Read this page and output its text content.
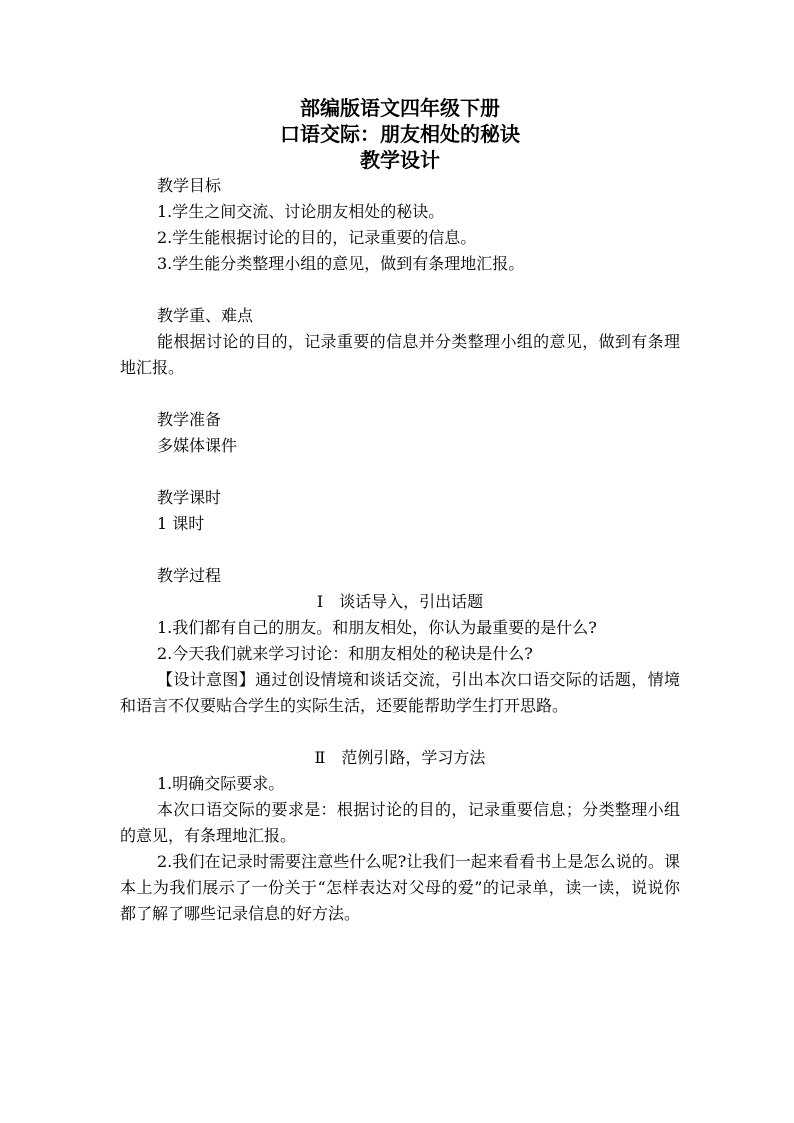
部编版语文四年级下册

口语交际：朋友相处的秘诀

教学设计

教学目标

1.学生之间交流、讨论朋友相处的秘诀。

2.学生能根据讨论的目的，记录重要的信息。

3.学生能分类整理小组的意见，做到有条理地汇报。

教学重、难点

能根据讨论的目的，记录重要的信息并分类整理小组的意见，做到有条理地汇报。

教学准备

多媒体课件

教学课时

1 课时

教学过程

Ⅰ　谈话导入，引出话题

1.我们都有自己的朋友。和朋友相处，你认为最重要的是什么?

2.今天我们就来学习讨论：和朋友相处的秘诀是什么?

【设计意图】通过创设情境和谈话交流，引出本次口语交际的话题，情境和语言不仅要贴合学生的实际生活，还要能帮助学生打开思路。

Ⅱ　范例引路，学习方法

1.明确交际要求。

本次口语交际的要求是：根据讨论的目的，记录重要信息；分类整理小组的意见，有条理地汇报。

2.我们在记录时需要注意些什么呢?让我们一起来看看书上是怎么说的。课本上为我们展示了一份关于“怎样表达对父母的爱”的记录单，读一读，说说你都了解了哪些记录信息的好方法。
